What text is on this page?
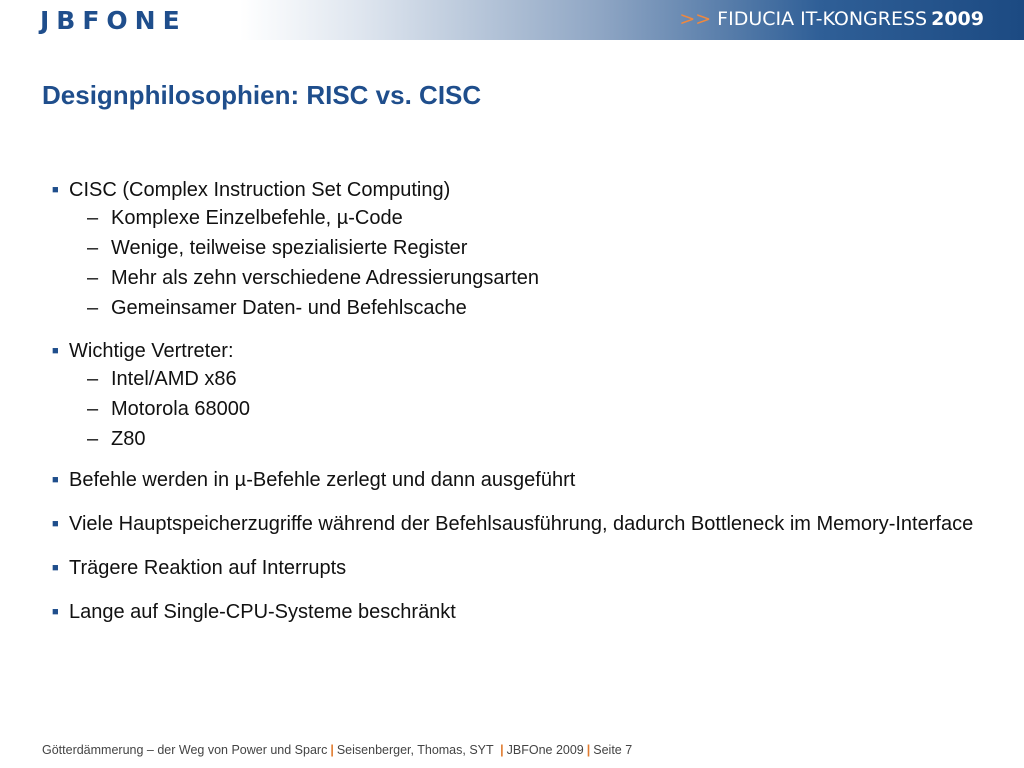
JBFONE	>> FIDUCIA IT-KONGRESS 2009
Designphilosophien: RISC vs. CISC
■ CISC (Complex Instruction Set Computing)
– Komplexe Einzelbefehle, µ-Code
– Wenige, teilweise spezialisierte Register
– Mehr als zehn verschiedene Adressierungsarten
– Gemeinsamer Daten- und Befehlscache
■ Wichtige Vertreter:
– Intel/AMD x86
– Motorola 68000
– Z80
■ Befehle werden in µ-Befehle zerlegt und dann ausgeführt
■ Viele Hauptspeicherzugriffe während der Befehlsausführung, dadurch Bottleneck im Memory-Interface
■ Trägere Reaktion auf Interrupts
■ Lange auf Single-CPU-Systeme beschränkt
Götterdämmerung – der Weg von Power und Sparc | Seisenberger, Thomas, SYT | JBFOne 2009 | Seite 7
